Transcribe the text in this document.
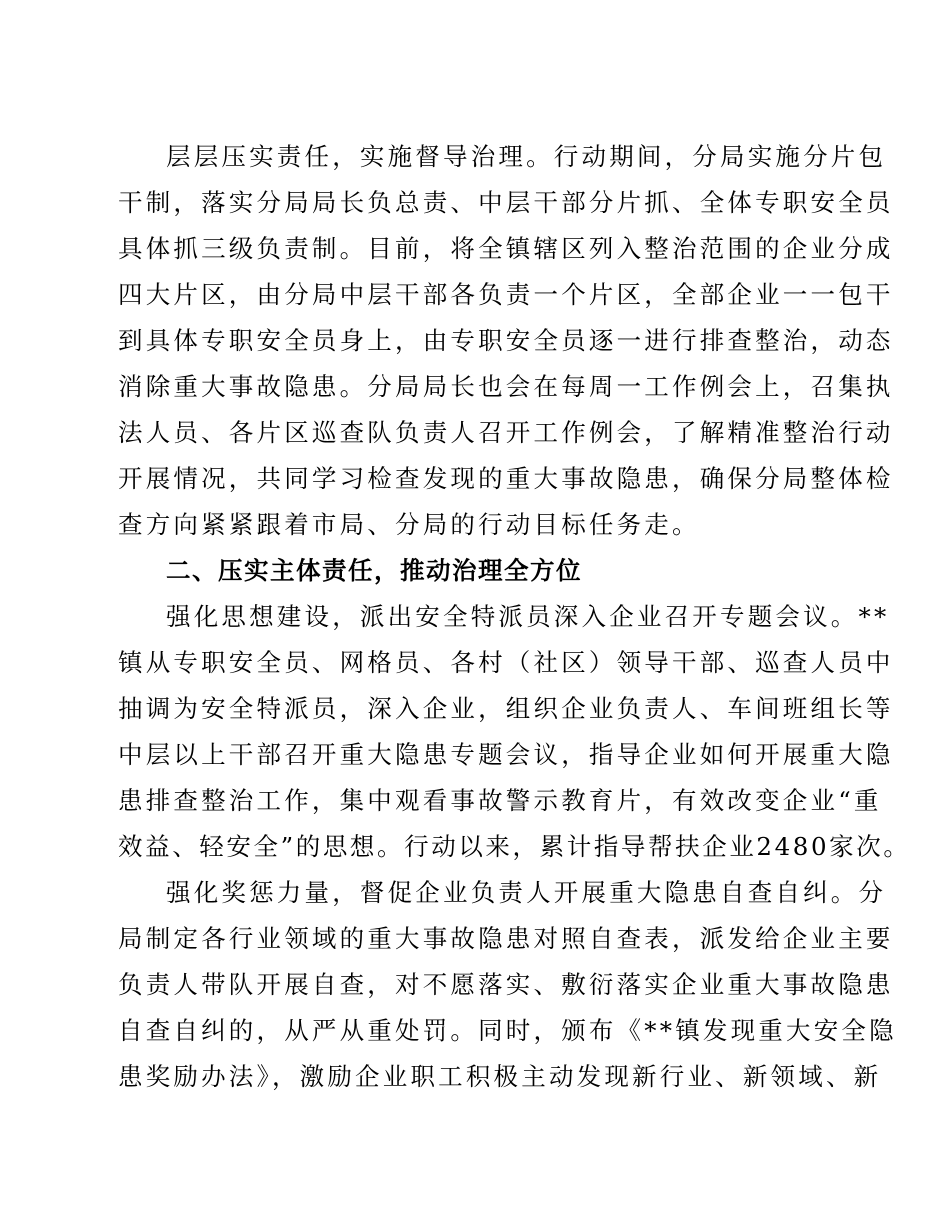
层层压实责任，实施督导治理。行动期间，分局实施分片包
干制，落实分局局长负总责、中层干部分片抓、全体专职安全员
具体抓三级负责制。目前，将全镇辖区列入整治范围的企业分成
四大片区，由分局中层干部各负责一个片区，全部企业一一包干
到具体专职安全员身上，由专职安全员逐一进行排查整治，动态
消除重大事故隐患。分局局长也会在每周一工作例会上，召集执
法人员、各片区巡查队负责人召开工作例会，了解精准整治行动
开展情况，共同学习检查发现的重大事故隐患，确保分局整体检
查方向紧紧跟着市局、分局的行动目标任务走。
二、压实主体责任，推动治理全方位
强化思想建设，派出安全特派员深入企业召开专题会议。**
镇从专职安全员、网格员、各村（社区）领导干部、巡查人员中
抽调为安全特派员，深入企业，组织企业负责人、车间班组长等
中层以上干部召开重大隐患专题会议，指导企业如何开展重大隐
患排查整治工作，集中观看事故警示教育片，有效改变企业“重
效益、轻安全”的思想。行动以来，累计指导帮扶企业2480家次。
强化奖惩力量，督促企业负责人开展重大隐患自查自纠。分
局制定各行业领域的重大事故隐患对照自查表，派发给企业主要
负责人带队开展自查，对不愿落实、敷衍落实企业重大事故隐患
自查自纠的，从严从重处罚。同时，颁布《**镇发现重大安全隐
患奖励办法》，激励企业职工积极主动发现新行业、新领域、新
